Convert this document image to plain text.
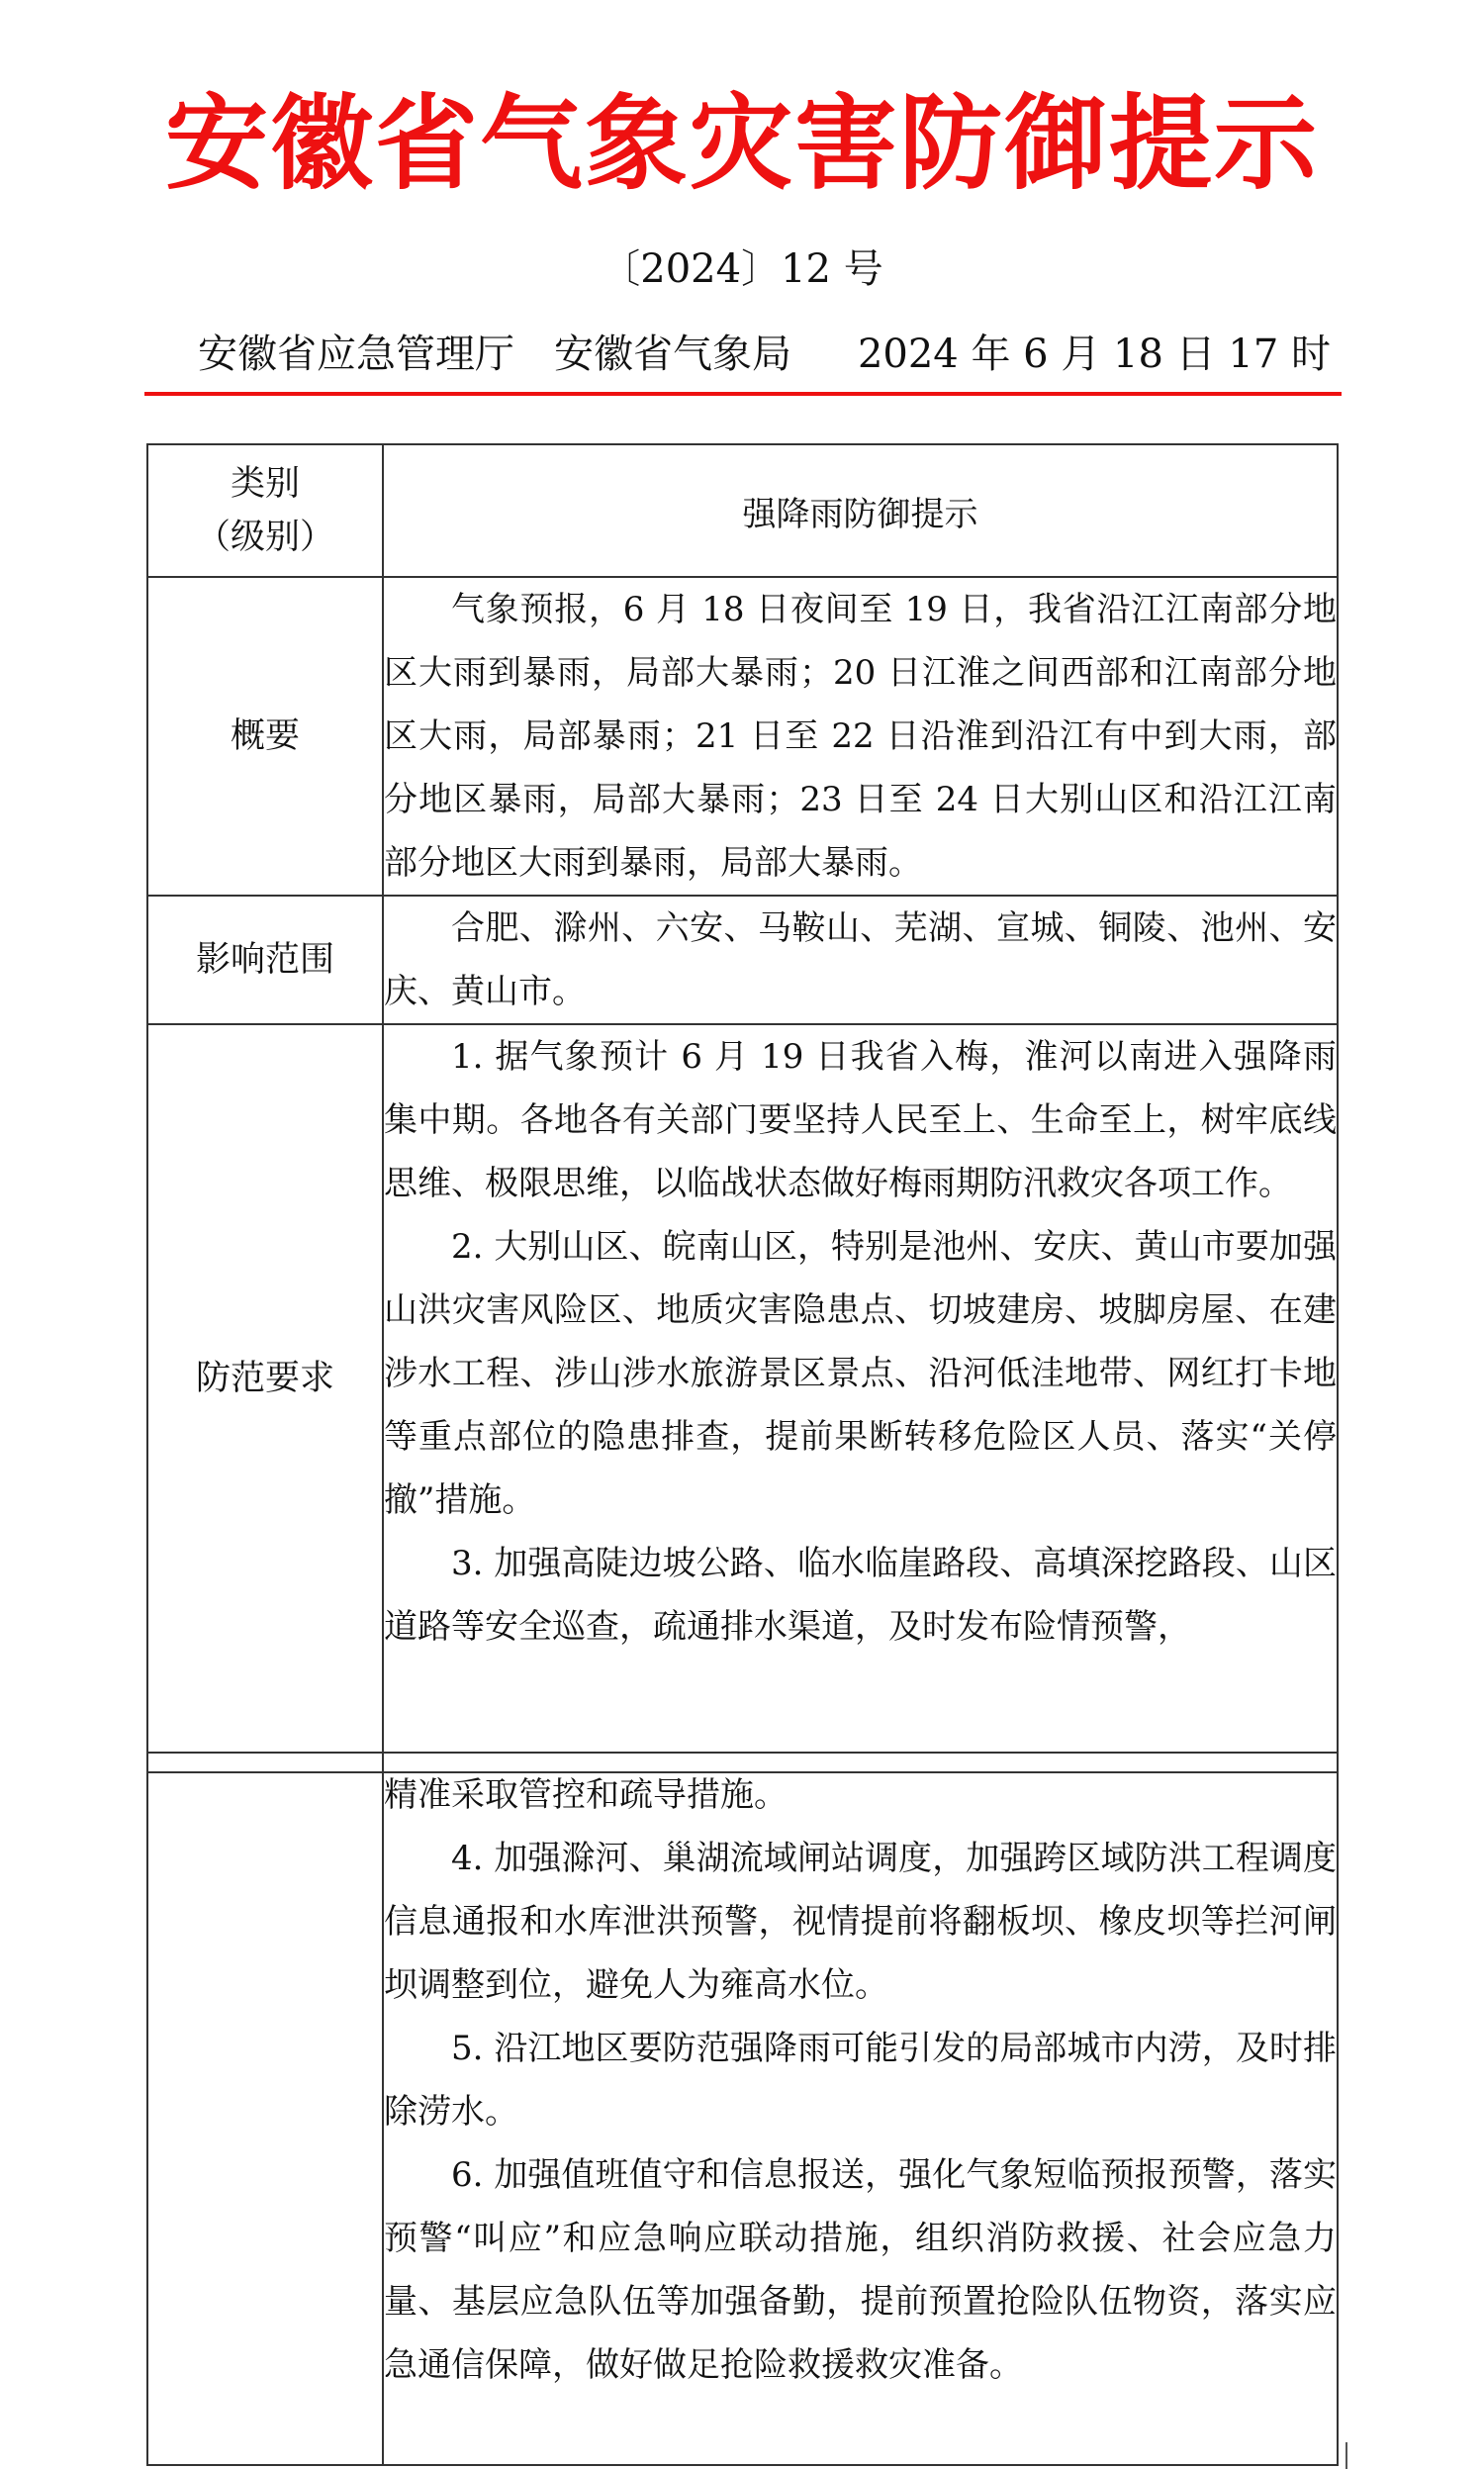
安徽省气象灾害防御提示
〔2024〕12 号
安徽省应急管理厅 安徽省气象局 2024 年 6 月 18 日 17 时
类别
（级别）	强降雨防御提示
概要	气象预报，6 月 18 日夜间至 19 日，我省沿江江南部分地区大雨到暴雨，局部大暴雨；20 日江淮之间西部和江南部分地区大雨，局部暴雨；21 日至 22 日沿淮到沿江有中到大雨，部分地区暴雨，局部大暴雨；23 日至 24 日大别山区和沿江江南部分地区大雨到暴雨，局部大暴雨。

影响范围	合肥、滁州、六安、马鞍山、芜湖、宣城、铜陵、池州、安庆、黄山市。

防范要求	1. 据气象预计 6 月 19 日我省入梅，淮河以南进入强降雨集中期。各地各有关部门要坚持人民至上、生命至上，树牢底线思维、极限思维，以临战状态做好梅雨期防汛救灾各项工作。

2. 大别山区、皖南山区，特别是池州、安庆、黄山市要加强山洪灾害风险区、地质灾害隐患点、切坡建房、坡脚房屋、在建涉水工程、涉山涉水旅游景区景点、沿河低洼地带、网红打卡地等重点部位的隐患排查，提前果断转移危险区人员、落实“关停撤”措施。

3. 加强高陡边坡公路、临水临崖路段、高填深挖路段、山区道路等安全巡查，疏通排水渠道，及时发布险情预警，

精准采取管控和疏导措施。

4. 加强滁河、巢湖流域闸站调度，加强跨区域防洪工程调度信息通报和水库泄洪预警，视情提前将翻板坝、橡皮坝等拦河闸坝调整到位，避免人为雍高水位。

5. 沿江地区要防范强降雨可能引发的局部城市内涝，及时排除涝水。

6. 加强值班值守和信息报送，强化气象短临预报预警，落实预警“叫应”和应急响应联动措施，组织消防救援、社会应急力量、基层应急队伍等加强备勤，提前预置抢险队伍物资，落实应急通信保障，做好做足抢险救援救灾准备。
